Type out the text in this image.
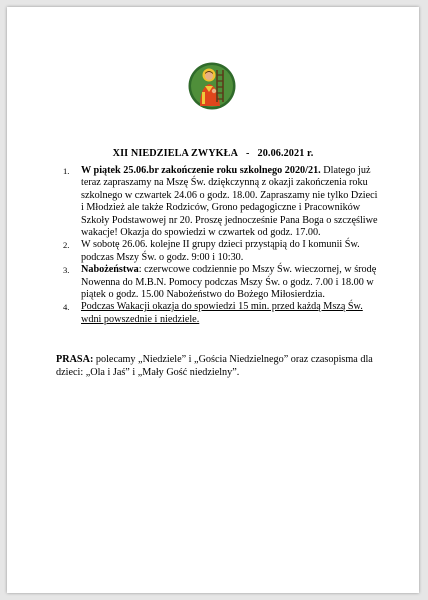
XII NIEDZIELA ZWYKŁA - 20.06.2021 r.
1. W piątek 25.06.br zakończenie roku szkolnego 2020/21. Dlatego już teraz zapraszamy na Mszę Św. dziękczynną z okazji zakończenia roku szkolnego w czwartek 24.06 o godz. 18.00. Zapraszamy nie tylko Dzieci i Młodzież ale także Rodziców, Grono pedagogiczne i Pracowników Szkoły Podstawowej nr 20. Proszę jednocześnie Pana Boga o szczęśliwe wakacje! Okazja do spowiedzi w czwartek od godz. 17.00.
2. W sobotę 26.06. kolejne II grupy dzieci przystąpią do I komunii Św. podczas Mszy Św. o godz. 9:00 i 10:30.
3. Nabożeństwa: czerwcowe codziennie po Mszy Św. wieczornej, w środę Nowenna do M.B.N. Pomocy podczas Mszy Św. o godz. 7.00 i 18.00 w piątek o godz. 15.00 Nabożeństwo do Bożego Miłosierdzia.
4. Podczas Wakacji okazja do spowiedzi 15 min. przed każdą Mszą Św. wdni powszednie i niedziele.
PRASA: polecamy „Niedziele” i „Gościa Niedzielnego” oraz czasopisma dla dzieci: „Ola i Jaś” i „Mały Gość niedzielny”.
